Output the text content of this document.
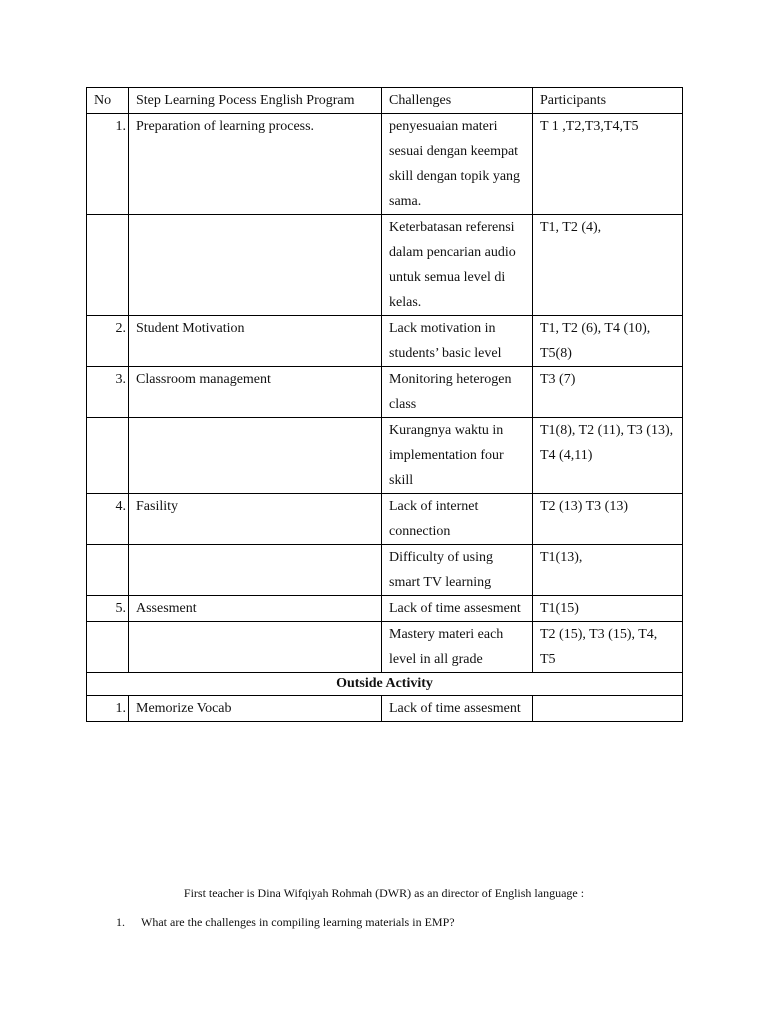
No	Step Learning Pocess English Program	Challenges	Participants
1.	Preparation of learning process.	penyesuaian materi sesuai dengan keempat skill dengan topik yang sama.	T 1 ,T2,T3,T4,T5
		Keterbatasan referensi dalam pencarian audio untuk semua level di kelas.	T1, T2 (4),
2.	Student Motivation	Lack motivation in students’ basic level	T1, T2 (6), T4 (10), T5(8)
3.	Classroom management	Monitoring heterogen class	T3 (7)
		Kurangnya waktu in implementation four skill	T1(8), T2 (11), T3 (13), T4 (4,11)
4.	Fasility	Lack of internet connection	T2 (13) T3 (13)
		Difficulty of using smart TV learning	T1(13),
5.	Assesment	Lack of time assesment	T1(15)
		Mastery materi each level in all grade	T2 (15), T3 (15), T4, T5
Outside Activity			
1.	Memorize Vocab	Lack of time assesment	
First teacher is Dina Wifqiyah Rohmah (DWR) as an director of English language :
1. What are the challenges in compiling learning materials in EMP?
